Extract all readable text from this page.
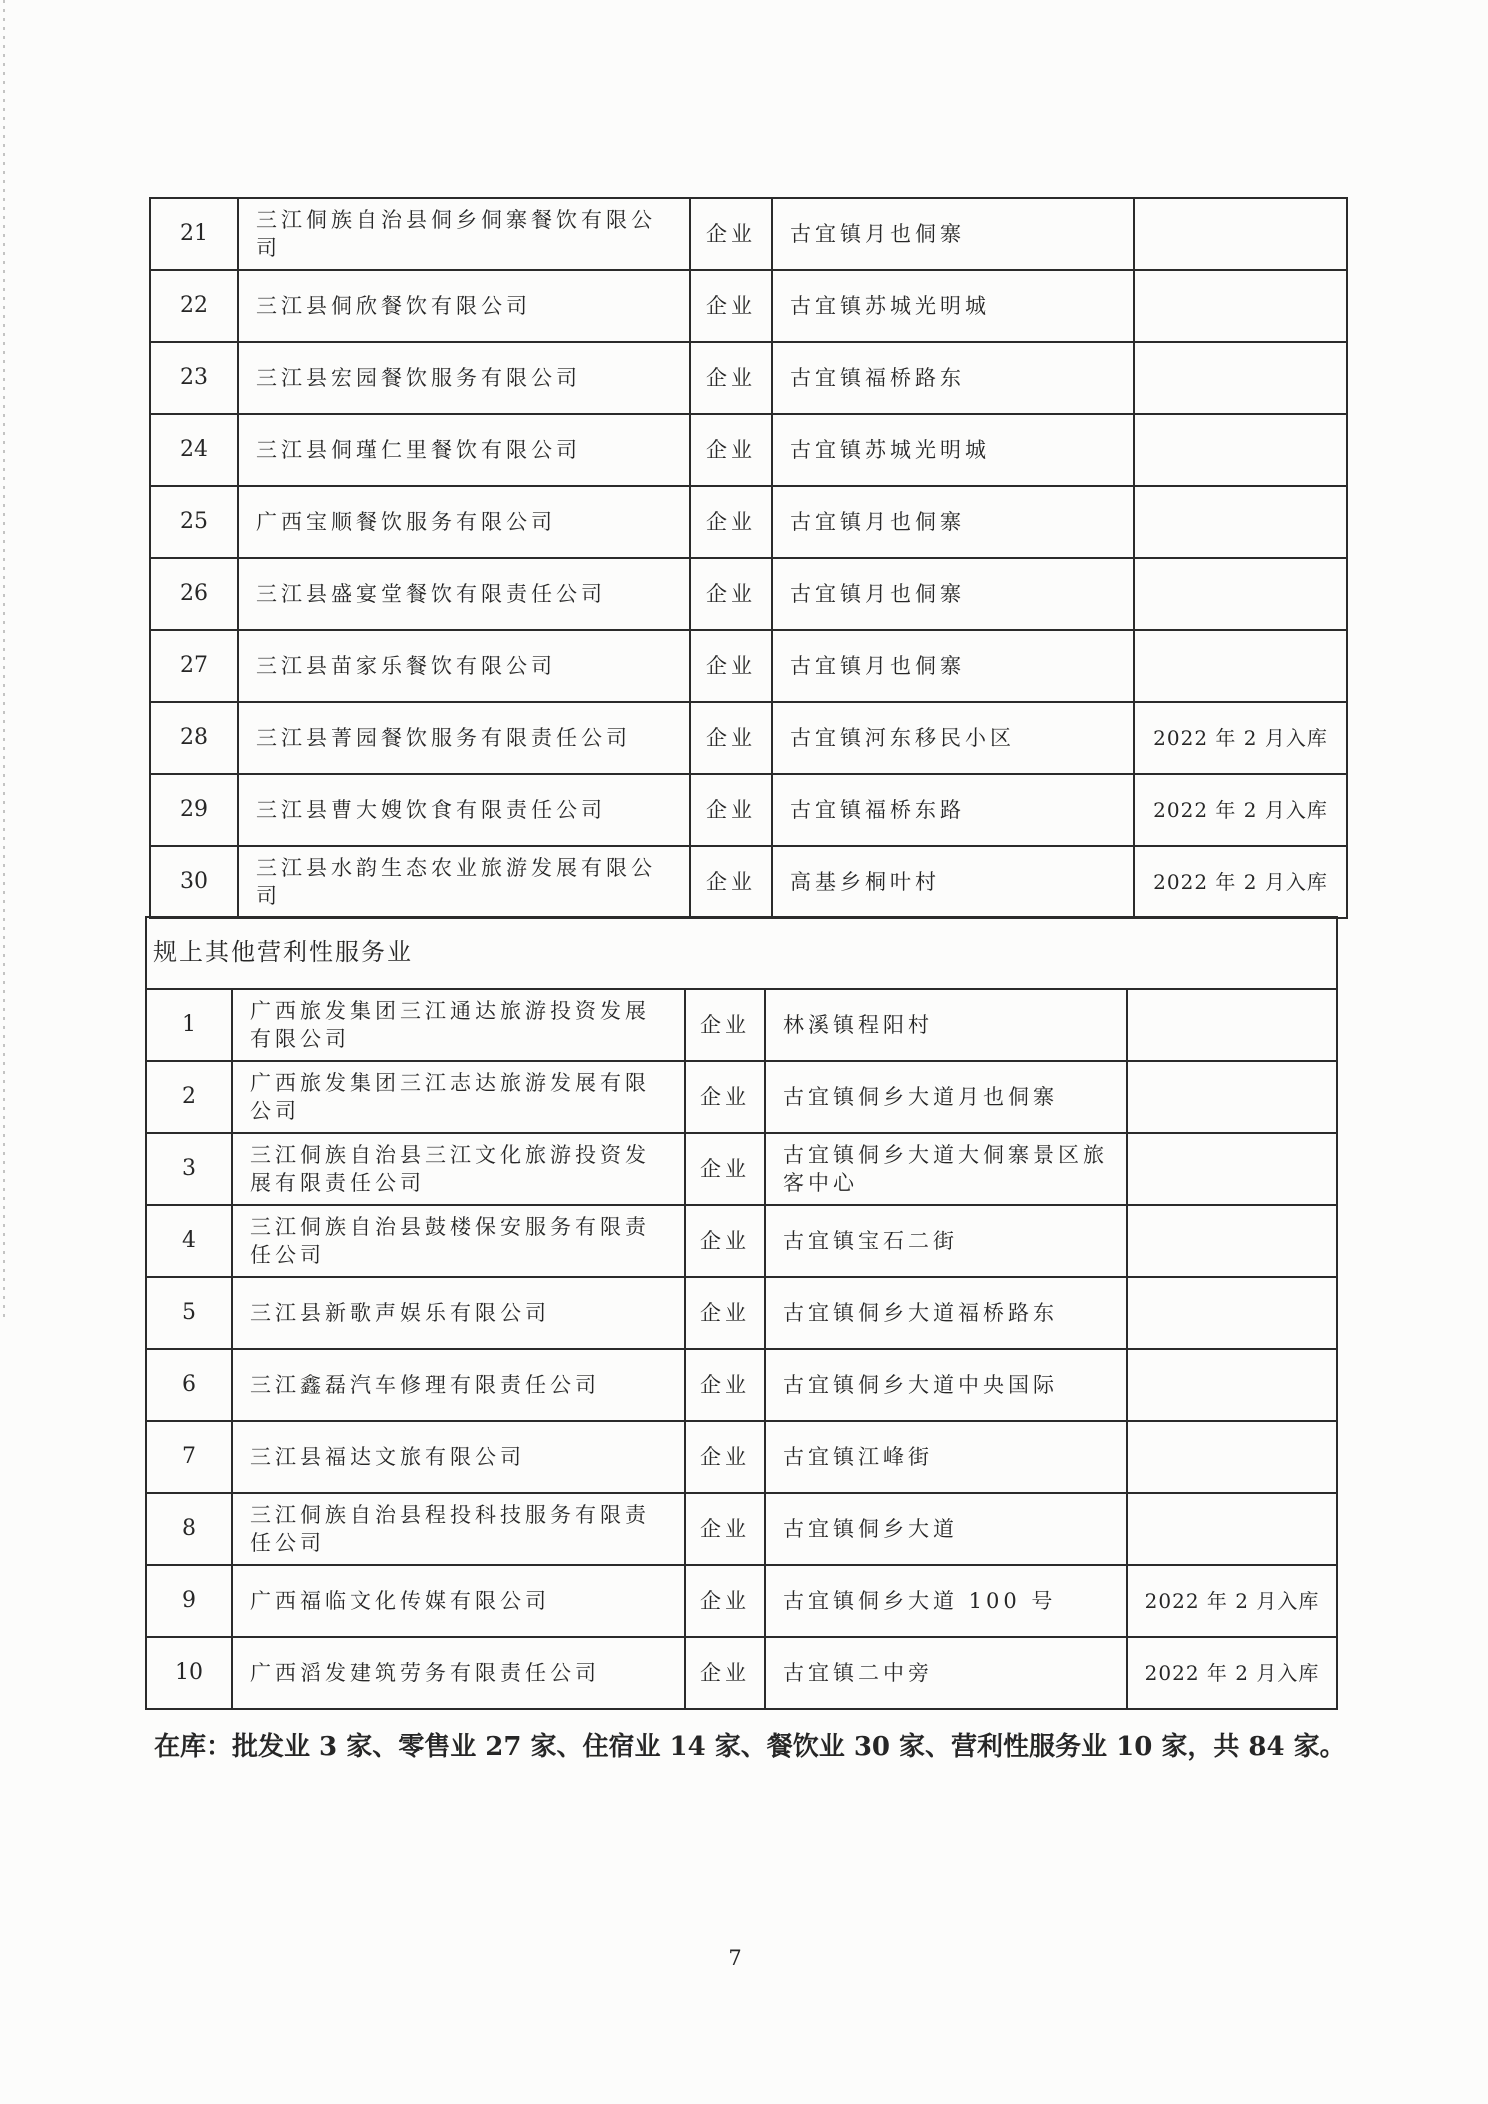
21	三江侗族自治县侗乡侗寨餐饮有限公司	企业	古宜镇月也侗寨	
22	三江县侗欣餐饮有限公司	企业	古宜镇苏城光明城	
23	三江县宏园餐饮服务有限公司	企业	古宜镇福桥路东	
24	三江县侗瑾仁里餐饮有限公司	企业	古宜镇苏城光明城	
25	广西宝顺餐饮服务有限公司	企业	古宜镇月也侗寨	
26	三江县盛宴堂餐饮有限责任公司	企业	古宜镇月也侗寨	
27	三江县苗家乐餐饮有限公司	企业	古宜镇月也侗寨	
28	三江县菁园餐饮服务有限责任公司	企业	古宜镇河东移民小区	2022 年 2 月入库
29	三江县曹大嫂饮食有限责任公司	企业	古宜镇福桥东路	2022 年 2 月入库
30	三江县水韵生态农业旅游发展有限公司	企业	高基乡桐叶村	2022 年 2 月入库
规上其他营利性服务业				
1	广西旅发集团三江通达旅游投资发展有限公司	企业	林溪镇程阳村	
2	广西旅发集团三江志达旅游发展有限公司	企业	古宜镇侗乡大道月也侗寨	
3	三江侗族自治县三江文化旅游投资发展有限责任公司	企业	古宜镇侗乡大道大侗寨景区旅客中心	
4	三江侗族自治县鼓楼保安服务有限责任公司	企业	古宜镇宝石二街	
5	三江县新歌声娱乐有限公司	企业	古宜镇侗乡大道福桥路东	
6	三江鑫磊汽车修理有限责任公司	企业	古宜镇侗乡大道中央国际	
7	三江县福达文旅有限公司	企业	古宜镇江峰街	
8	三江侗族自治县程投科技服务有限责任公司	企业	古宜镇侗乡大道	
9	广西福临文化传媒有限公司	企业	古宜镇侗乡大道 100 号	2022 年 2 月入库
10	广西滔发建筑劳务有限责任公司	企业	古宜镇二中旁	2022 年 2 月入库
在库：批发业 3 家、零售业 27 家、住宿业 14 家、餐饮业 30 家、营利性服务业 10 家，共 84 家。
7
